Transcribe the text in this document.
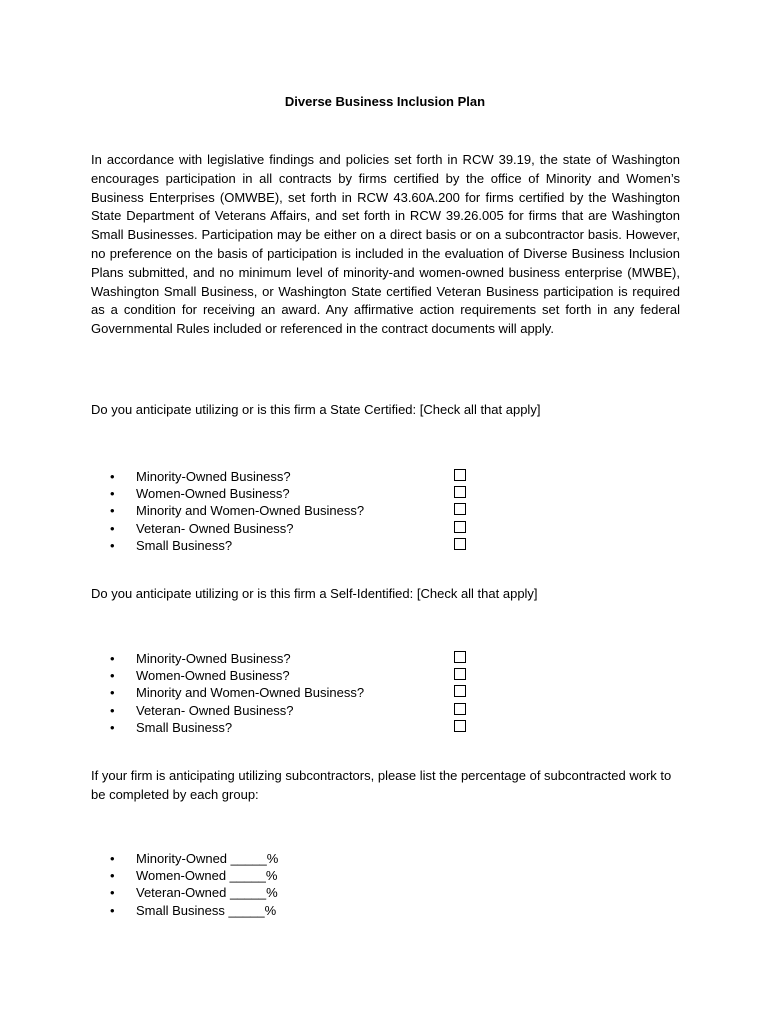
Diverse Business Inclusion Plan

In accordance with legislative findings and policies set forth in RCW 39.19, the state of Washington encourages participation in all contracts by firms certified by the office of Minority and Women’s Business Enterprises (OMWBE), set forth in RCW 43.60A.200 for firms certified by the Washington State Department of Veterans Affairs, and set forth in RCW 39.26.005 for firms that are Washington Small Businesses. Participation may be either on a direct basis or on a subcontractor basis. However, no preference on the basis of participation is included in the evaluation of Diverse Business Inclusion Plans submitted, and no minimum level of minority-and women-owned business enterprise (MWBE), Washington Small Business, or Washington State certified Veteran Business participation is required as a condition for receiving an award. Any affirmative action requirements set forth in any federal Governmental Rules included or referenced in the contract documents will apply.

Do you anticipate utilizing or is this firm a State Certified: [Check all that apply]

• Minority-Owned Business?
• Women-Owned Business?
• Minority and Women-Owned Business?
• Veteran- Owned Business?
• Small Business?

Do you anticipate utilizing or is this firm a Self-Identified: [Check all that apply]

• Minority-Owned Business?
• Women-Owned Business?
• Minority and Women-Owned Business?
• Veteran- Owned Business?
• Small Business?

If your firm is anticipating utilizing subcontractors, please list the percentage of subcontracted work to be completed by each group:

• Minority-Owned _____%
• Women-Owned _____%
• Veteran-Owned _____%
• Small Business _____%
